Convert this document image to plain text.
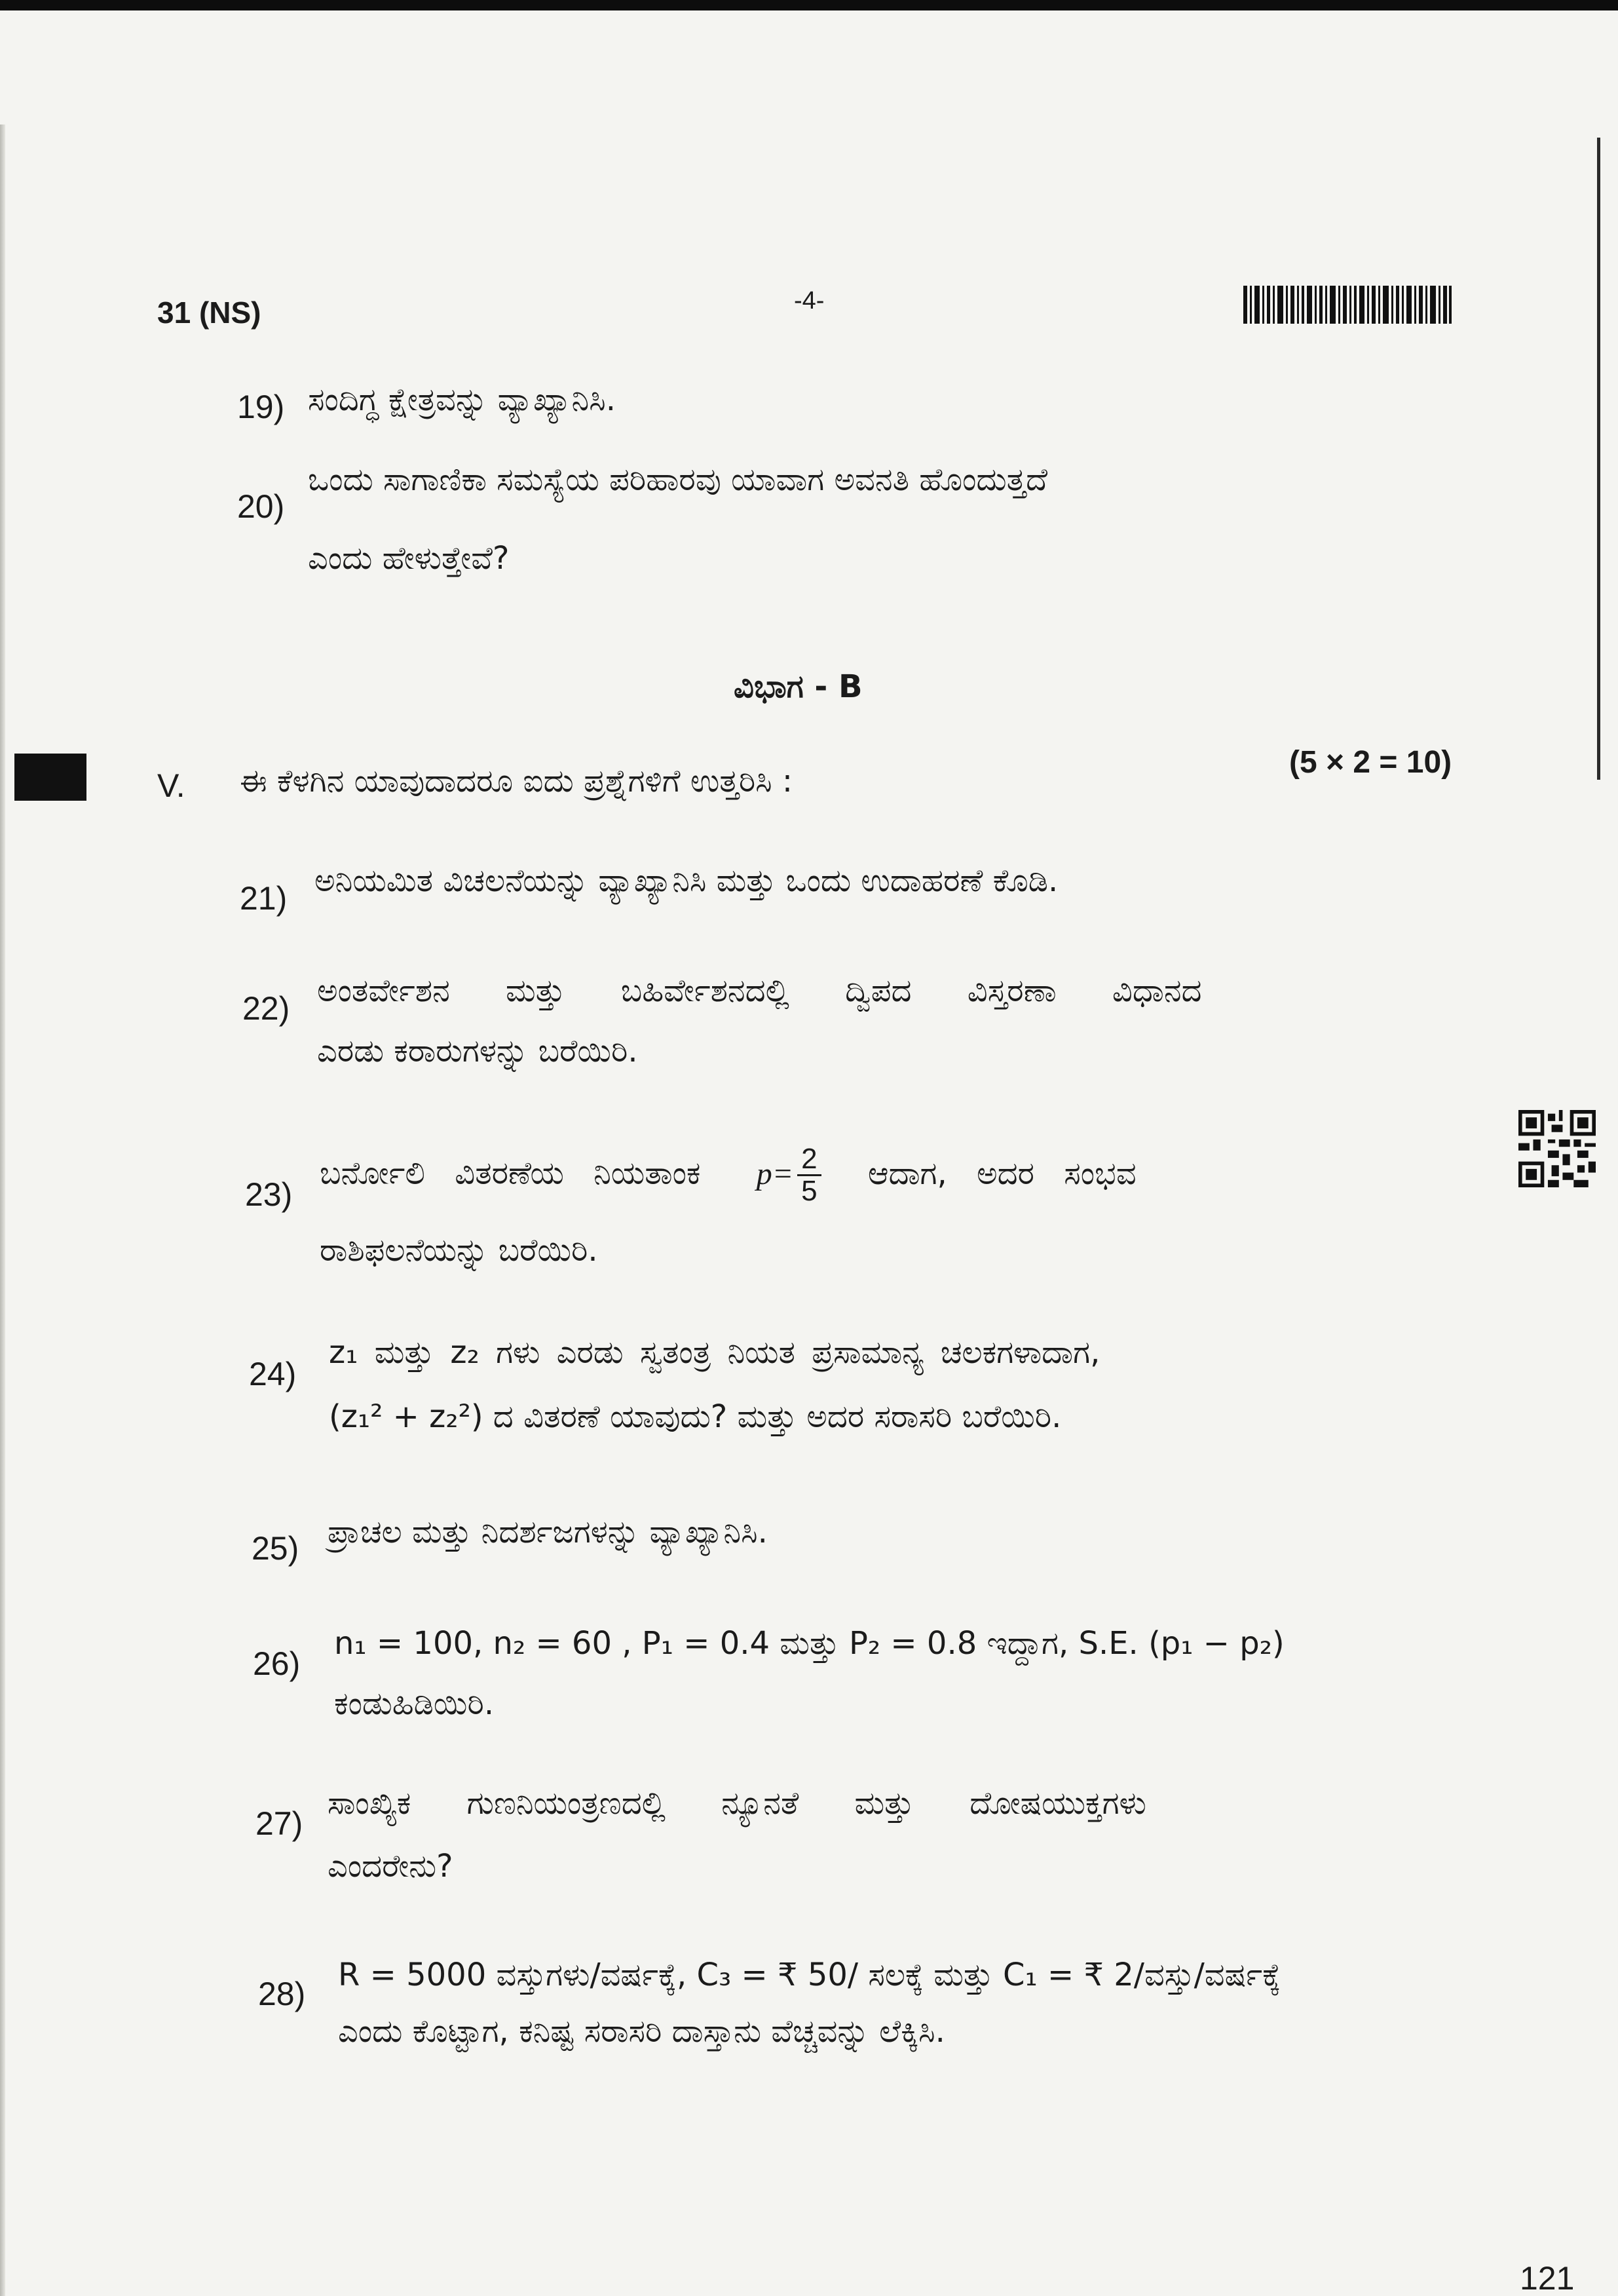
31 (NS)	-4-
19) ಸಂದಿಗ್ಧ ಕ್ಷೇತ್ರವನ್ನು ವ್ಯಾಖ್ಯಾನಿಸಿ.
20)
ಒಂದು ಸಾಗಾಣಿಕಾ ಸಮಸ್ಯೆಯ ಪರಿಹಾರವು ಯಾವಾಗ ಅವನತಿ ಹೊಂದುತ್ತದೆ
ಎಂದು ಹೇಳುತ್ತೇವೆ?
ವಿಭಾಗ - B
V. ಈ ಕೆಳಗಿನ ಯಾವುದಾದರೂ ಐದು ಪ್ರಶ್ನೆಗಳಿಗೆ ಉತ್ತರಿಸಿ :
(5 × 2 = 10)
21) ಅನಿಯಮಿತ ವಿಚಲನೆಯನ್ನು ವ್ಯಾಖ್ಯಾನಿಸಿ ಮತ್ತು ಒಂದು ಉದಾಹರಣೆ ಕೊಡಿ.
22) ಅಂತರ್ವೇಶನ ಮತ್ತು ಬಹಿರ್ವೇಶನದಲ್ಲಿ ದ್ವಿಪದ ವಿಸ್ತರಣಾ ವಿಧಾನದ
ಎರಡು ಕರಾರುಗಳನ್ನು ಬರೆಯಿರಿ.
23)
ಬರ್ನೋಲಿ ವಿತರಣೆಯ ನಿಯತಾಂಕ $p= \frac{2}{5}$ ಆದಾಗ, ಅದರ ಸಂಭವ
ರಾಶಿಫಲನೆಯನ್ನು ಬರೆಯಿರಿ.
24)
z₁ ಮತ್ತು z₂ ಗಳು ಎರಡು ಸ್ವತಂತ್ರ ನಿಯತ ಪ್ರಸಾಮಾನ್ಯ ಚಲಕಗಳಾದಾಗ,
(z₁² + z₂²) ದ ವಿತರಣೆ ಯಾವುದು? ಮತ್ತು ಅದರ ಸರಾಸರಿ ಬರೆಯಿರಿ.
25) ಪ್ರಾಚಲ ಮತ್ತು ನಿದರ್ಶಜಗಳನ್ನು ವ್ಯಾಖ್ಯಾನಿಸಿ.
26)
n₁ = 100, n₂ = 60 , P₁ = 0.4 ಮತ್ತು P₂ = 0.8 ಇದ್ದಾಗ, S.E. (p₁ − p₂)
ಕಂಡುಹಿಡಿಯಿರಿ.
27)
ಸಾಂಖ್ಯಿಕ ಗುಣನಿಯಂತ್ರಣದಲ್ಲಿ ನ್ಯೂನತೆ ಮತ್ತು ದೋಷಯುಕ್ತಗಳು
ಎಂದರೇನು?
28)
R = 5000 ವಸ್ತುಗಳು/ವರ್ಷಕ್ಕೆ, C₃ = ₹ 50/ ಸಲಕ್ಕೆ ಮತ್ತು C₁ = ₹ 2/ವಸ್ತು/ವರ್ಷಕ್ಕೆ
ಎಂದು ಕೊಟ್ಟಾಗ, ಕನಿಷ್ಟ ಸರಾಸರಿ ದಾಸ್ತಾನು ವೆಚ್ಚವನ್ನು ಲೆಕ್ಕಿಸಿ.
121
